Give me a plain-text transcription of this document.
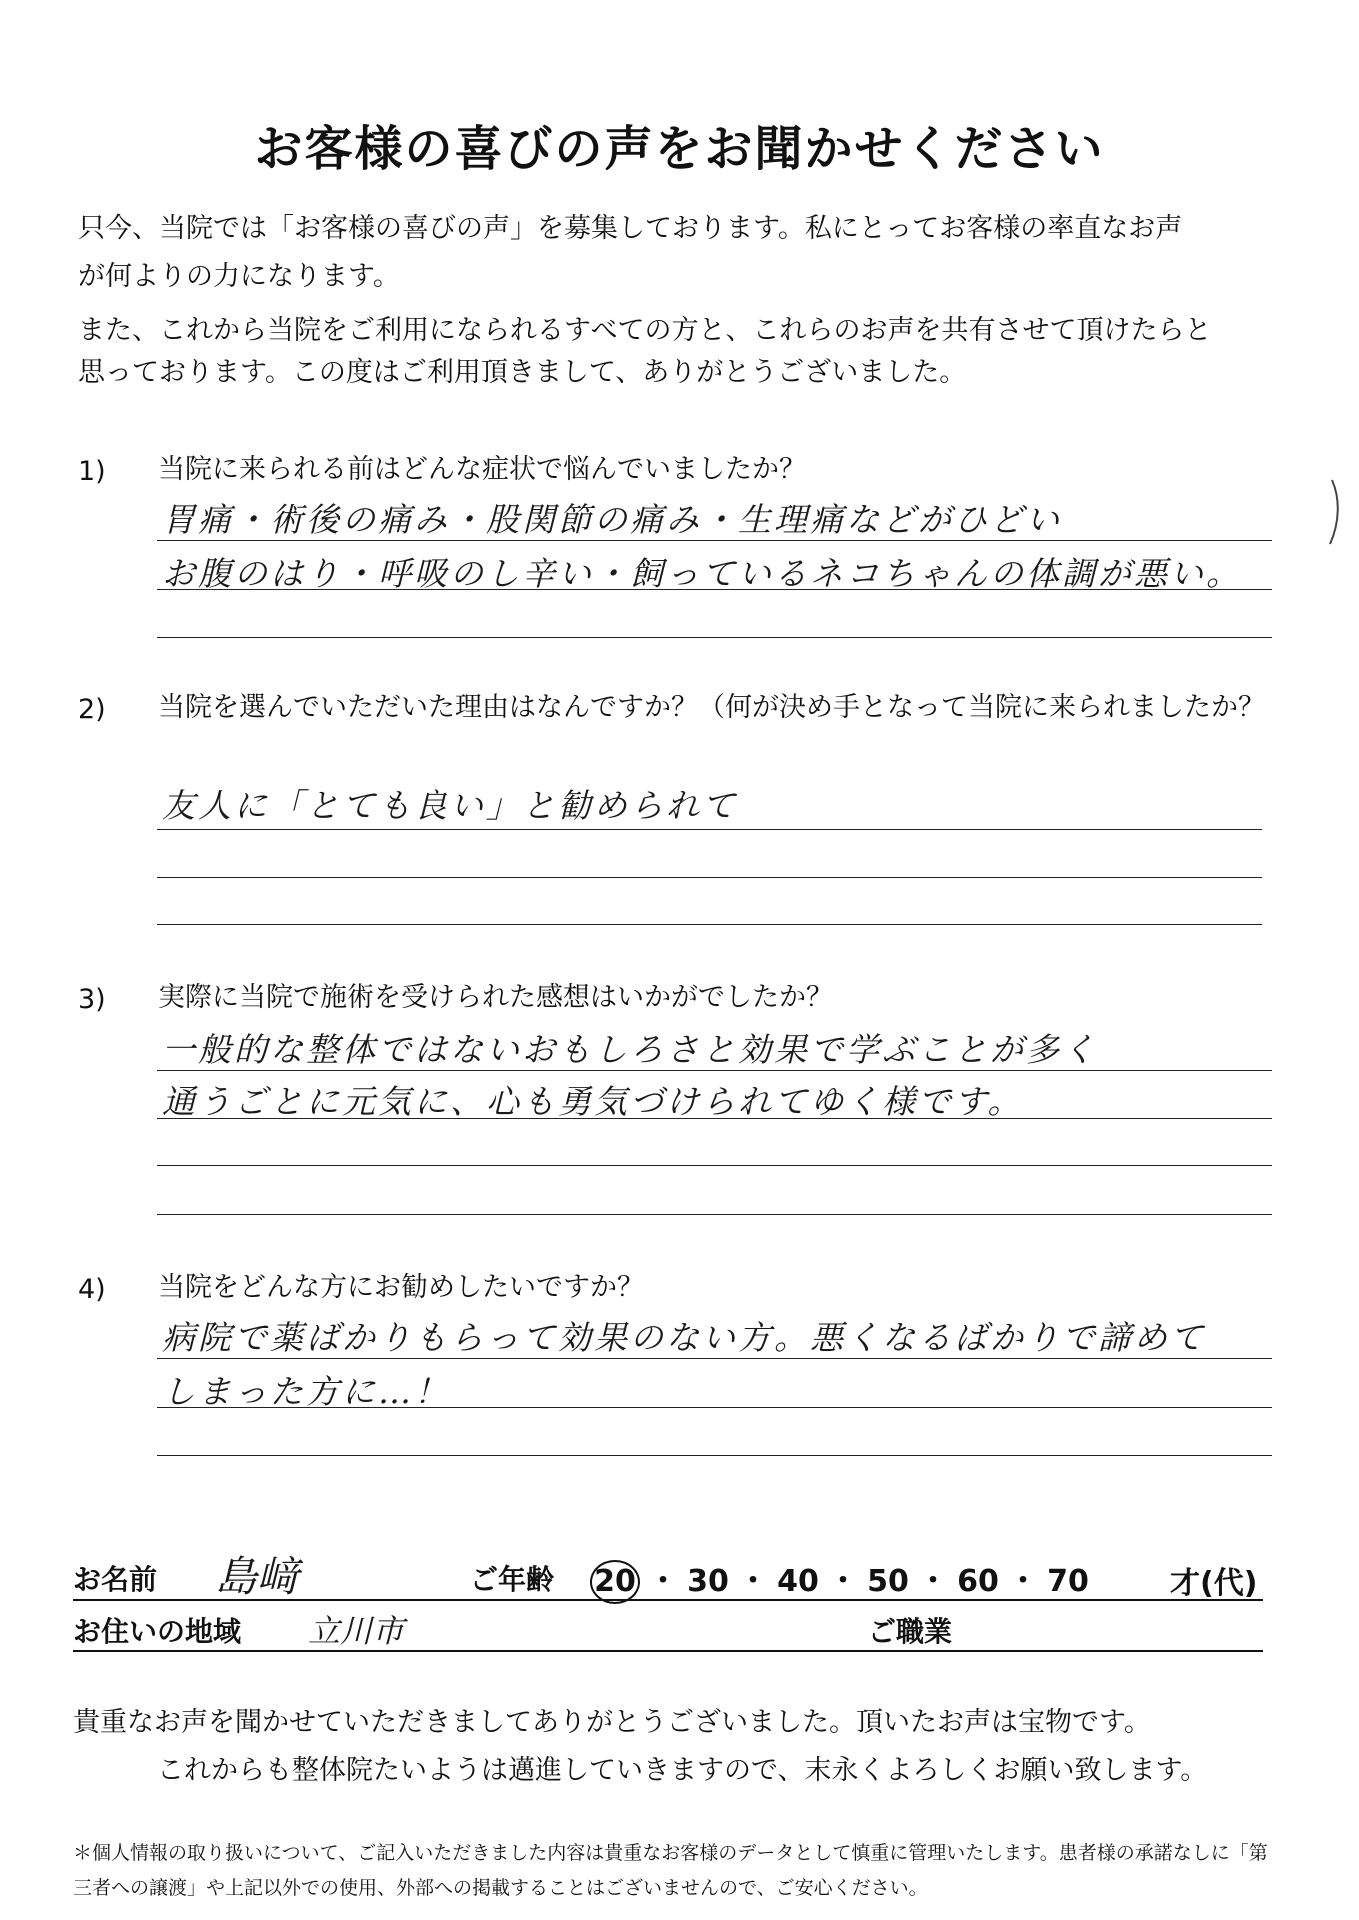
お客様の喜びの声をお聞かせください
只今、当院では「お客様の喜びの声」を募集しております。私にとってお客様の率直なお声
が何よりの力になります。
また、これから当院をご利用になられるすべての方と、これらのお声を共有させて頂けたらと
思っております。この度はご利用頂きまして、ありがとうございました。
1) 当院に来られる前はどんな症状で悩んでいましたか？
胃痛・術後の痛み・股関節の痛み・生理痛などがひどい
お腹のはり・呼吸のし辛い・飼っているネコちゃんの体調が悪い。
2) 当院を選んでいただいた理由はなんですか？（何が決め手となって当院に来られましたか？
友人に「とても良い」と勧められて
3) 実際に当院で施術を受けられた感想はいかがでしたか？
一般的な整体ではないおもしろさと効果で学ぶことが多く
通うごとに元気に、心も勇気づけられてゆく様です。
4) 当院をどんな方にお勧めしたいですか？
病院で薬ばかりもらって効果のない方。悪くなるばかりで諦めて
しまった方に…！
お名前 島﨑	ご年齢 20 ・ 30 ・ 40 ・ 50 ・ 60 ・ 70	才(代)
お住いの地域 立川市	ご職業
貴重なお声を聞かせていただきましてありがとうございました。頂いたお声は宝物です。
これからも整体院たいようは邁進していきますので、末永くよろしくお願い致します。
＊個人情報の取り扱いについて、ご記入いただきました内容は貴重なお客様のデータとして慎重に管理いたします。患者様の承諾なしに「第三者への譲渡」や上記以外での使用、外部への掲載することはございませんので、ご安心ください。
